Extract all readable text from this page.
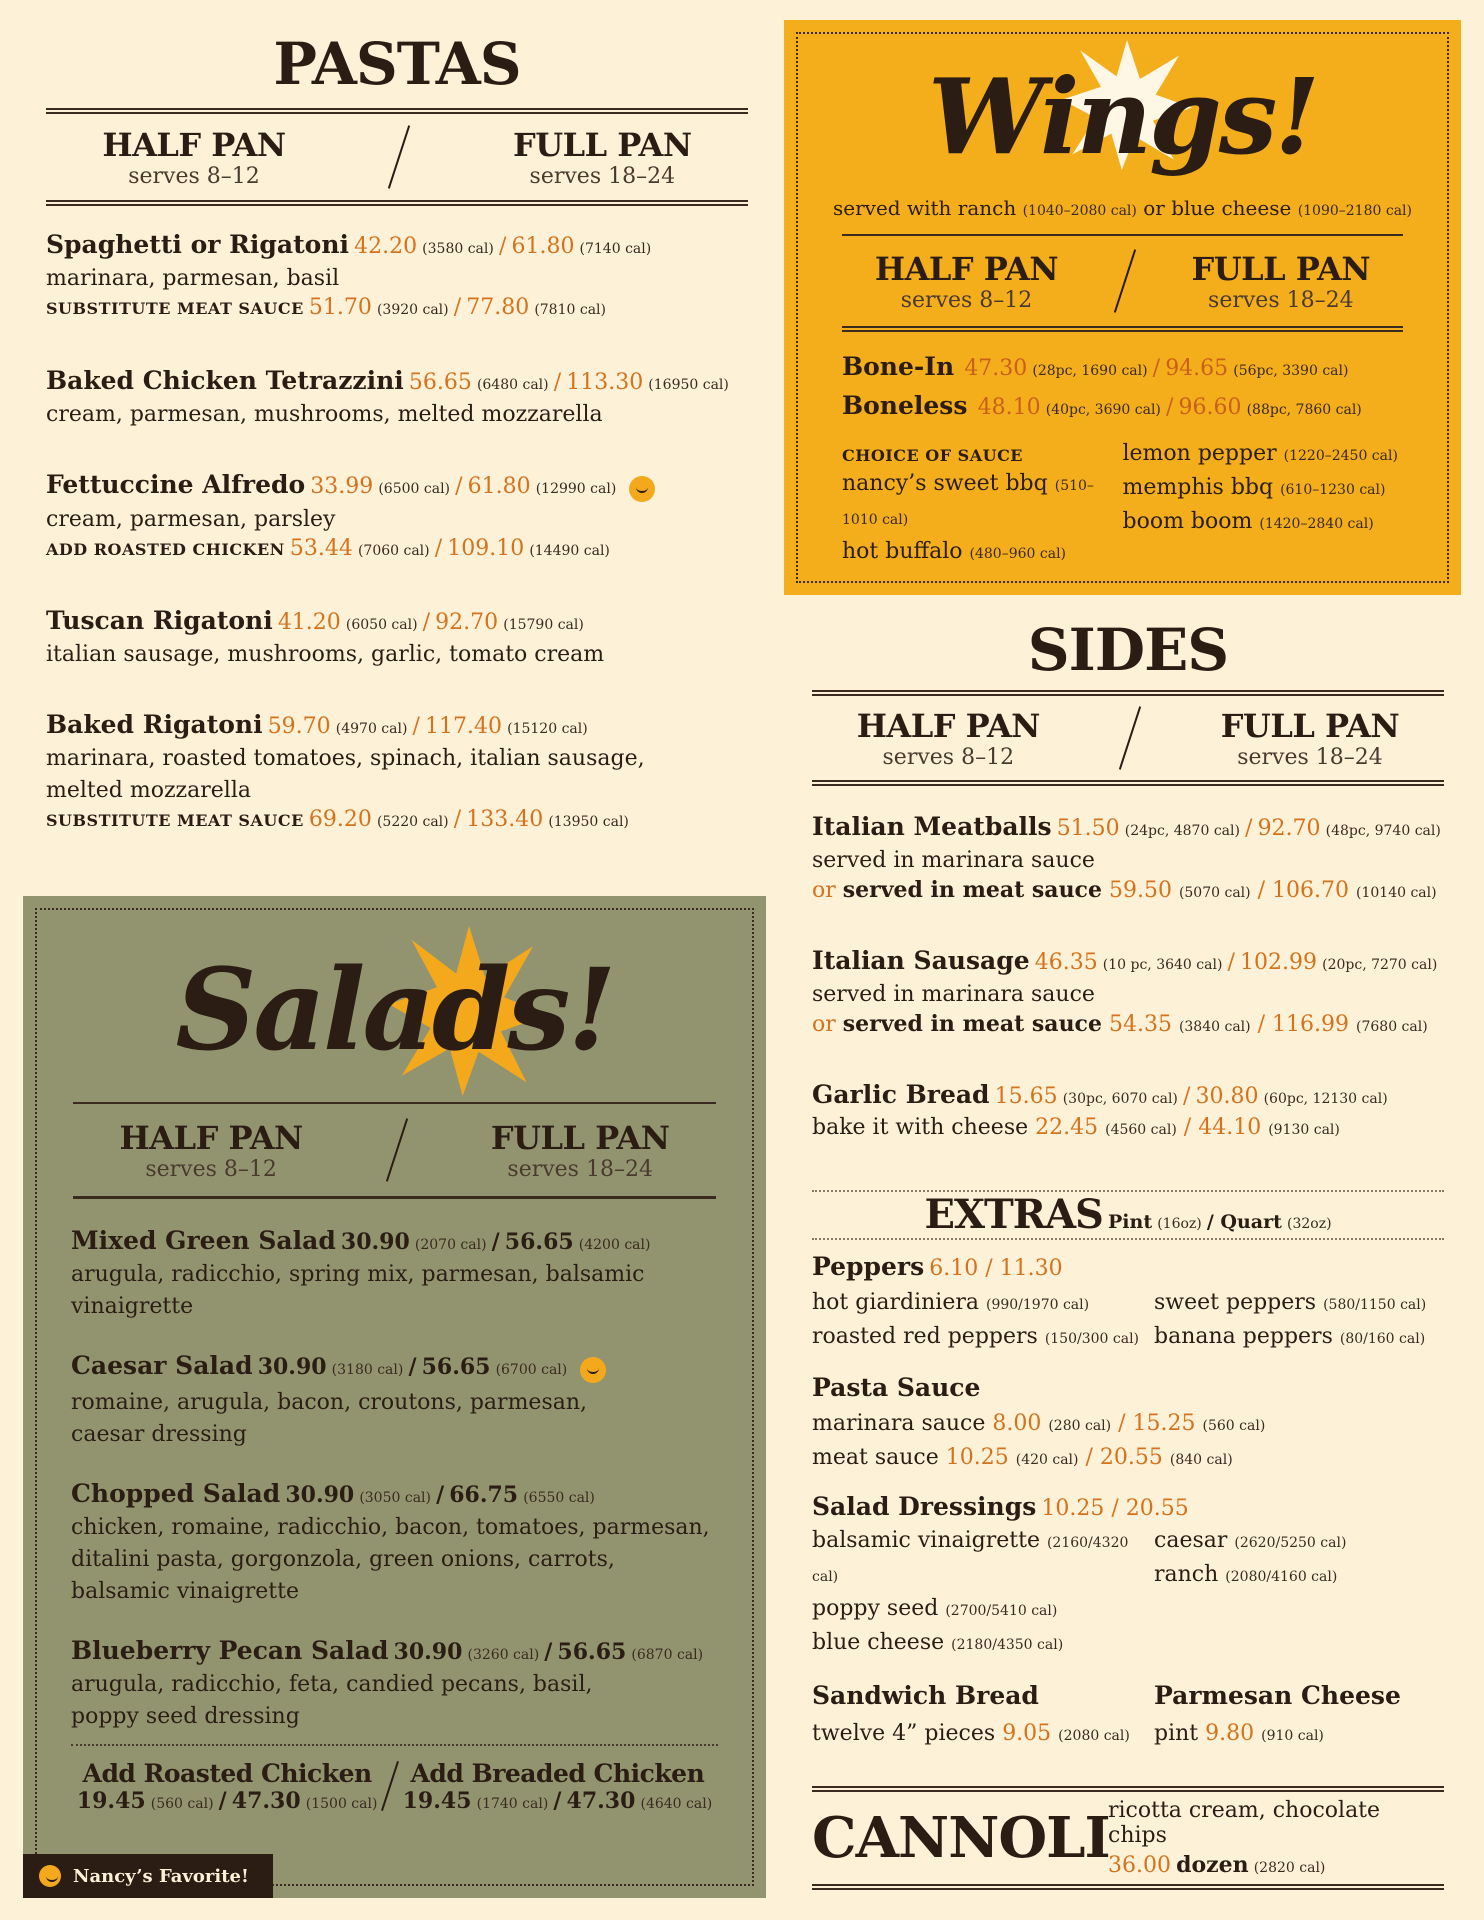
PASTAS
HALF PAN
serves 8–12
FULL PAN
serves 18–24
Spaghetti or Rigatoni 42.20 (3580 cal) / 61.80 (7140 cal)
marinara, parmesan, basil
SUBSTITUTE MEAT SAUCE 51.70 (3920 cal) / 77.80 (7810 cal)
Baked Chicken Tetrazzini 56.65 (6480 cal) / 113.30 (16950 cal)
cream, parmesan, mushrooms, melted mozzarella
Fettuccine Alfredo 33.99 (6500 cal) / 61.80 (12990 cal)
cream, parmesan, parsley
ADD ROASTED CHICKEN 53.44 (7060 cal) / 109.10 (14490 cal)
Tuscan Rigatoni 41.20 (6050 cal) / 92.70 (15790 cal)
italian sausage, mushrooms, garlic, tomato cream
Baked Rigatoni 59.70 (4970 cal) / 117.40 (15120 cal)
marinara, roasted tomatoes, spinach, italian sausage,
melted mozzarella
SUBSTITUTE MEAT SAUCE 69.20 (5220 cal) / 133.40 (13950 cal)
Wings!
served with ranch (1040–2080 cal) or blue cheese (1090–2180 cal)
HALF PAN
serves 8–12
FULL PAN
serves 18–24
Bone-In 47.30 (28pc, 1690 cal) / 94.65 (56pc, 3390 cal)
Boneless 48.10 (40pc, 3690 cal) / 96.60 (88pc, 7860 cal)
CHOICE OF SAUCE
nancy’s sweet bbq (510–1010 cal)
hot buffalo (480–960 cal)
lemon pepper (1220–2450 cal)
memphis bbq (610–1230 cal)
boom boom (1420–2840 cal)
SIDES
HALF PAN
serves 8–12
FULL PAN
serves 18–24
Italian Meatballs 51.50 (24pc, 4870 cal) / 92.70 (48pc, 9740 cal)
served in marinara sauce
or served in meat sauce 59.50 (5070 cal) / 106.70 (10140 cal)
Italian Sausage 46.35 (10 pc, 3640 cal) / 102.99 (20pc, 7270 cal)
served in marinara sauce
or served in meat sauce 54.35 (3840 cal) / 116.99 (7680 cal)
Garlic Bread 15.65 (30pc, 6070 cal) / 30.80 (60pc, 12130 cal)
bake it with cheese 22.45 (4560 cal) / 44.10 (9130 cal)
EXTRAS Pint (16oz) / Quart (32oz)
Peppers 6.10 / 11.30
hot giardiniera (990/1970 cal)
roasted red peppers (150/300 cal)
sweet peppers (580/1150 cal)
banana peppers (80/160 cal)
Pasta Sauce
marinara sauce 8.00 (280 cal) / 15.25 (560 cal)
meat sauce 10.25 (420 cal) / 20.55 (840 cal)
Salad Dressings 10.25 / 20.55
balsamic vinaigrette (2160/4320 cal)
poppy seed (2700/5410 cal)
blue cheese (2180/4350 cal)
caesar (2620/5250 cal)
ranch (2080/4160 cal)
Sandwich Bread
twelve 4” pieces 9.05 (2080 cal)
Parmesan Cheese
pint 9.80 (910 cal)
CANNOLI
ricotta cream, chocolate chips
36.00 dozen (2820 cal)
Salads!
HALF PAN
serves 8–12
FULL PAN
serves 18–24
Mixed Green Salad 30.90 (2070 cal) / 56.65 (4200 cal)
arugula, radicchio, spring mix, parmesan, balsamic vinaigrette
Caesar Salad 30.90 (3180 cal) / 56.65 (6700 cal)
romaine, arugula, bacon, croutons, parmesan,
caesar dressing
Chopped Salad 30.90 (3050 cal) / 66.75 (6550 cal)
chicken, romaine, radicchio, bacon, tomatoes, parmesan,
ditalini pasta, gorgonzola, green onions, carrots,
balsamic vinaigrette
Blueberry Pecan Salad 30.90 (3260 cal) / 56.65 (6870 cal)
arugula, radicchio, feta, candied pecans, basil,
poppy seed dressing
Add Roasted Chicken
19.45 (560 cal) / 47.30 (1500 cal)
Add Breaded Chicken
19.45 (1740 cal) / 47.30 (4640 cal)
Nancy’s Favorite!
